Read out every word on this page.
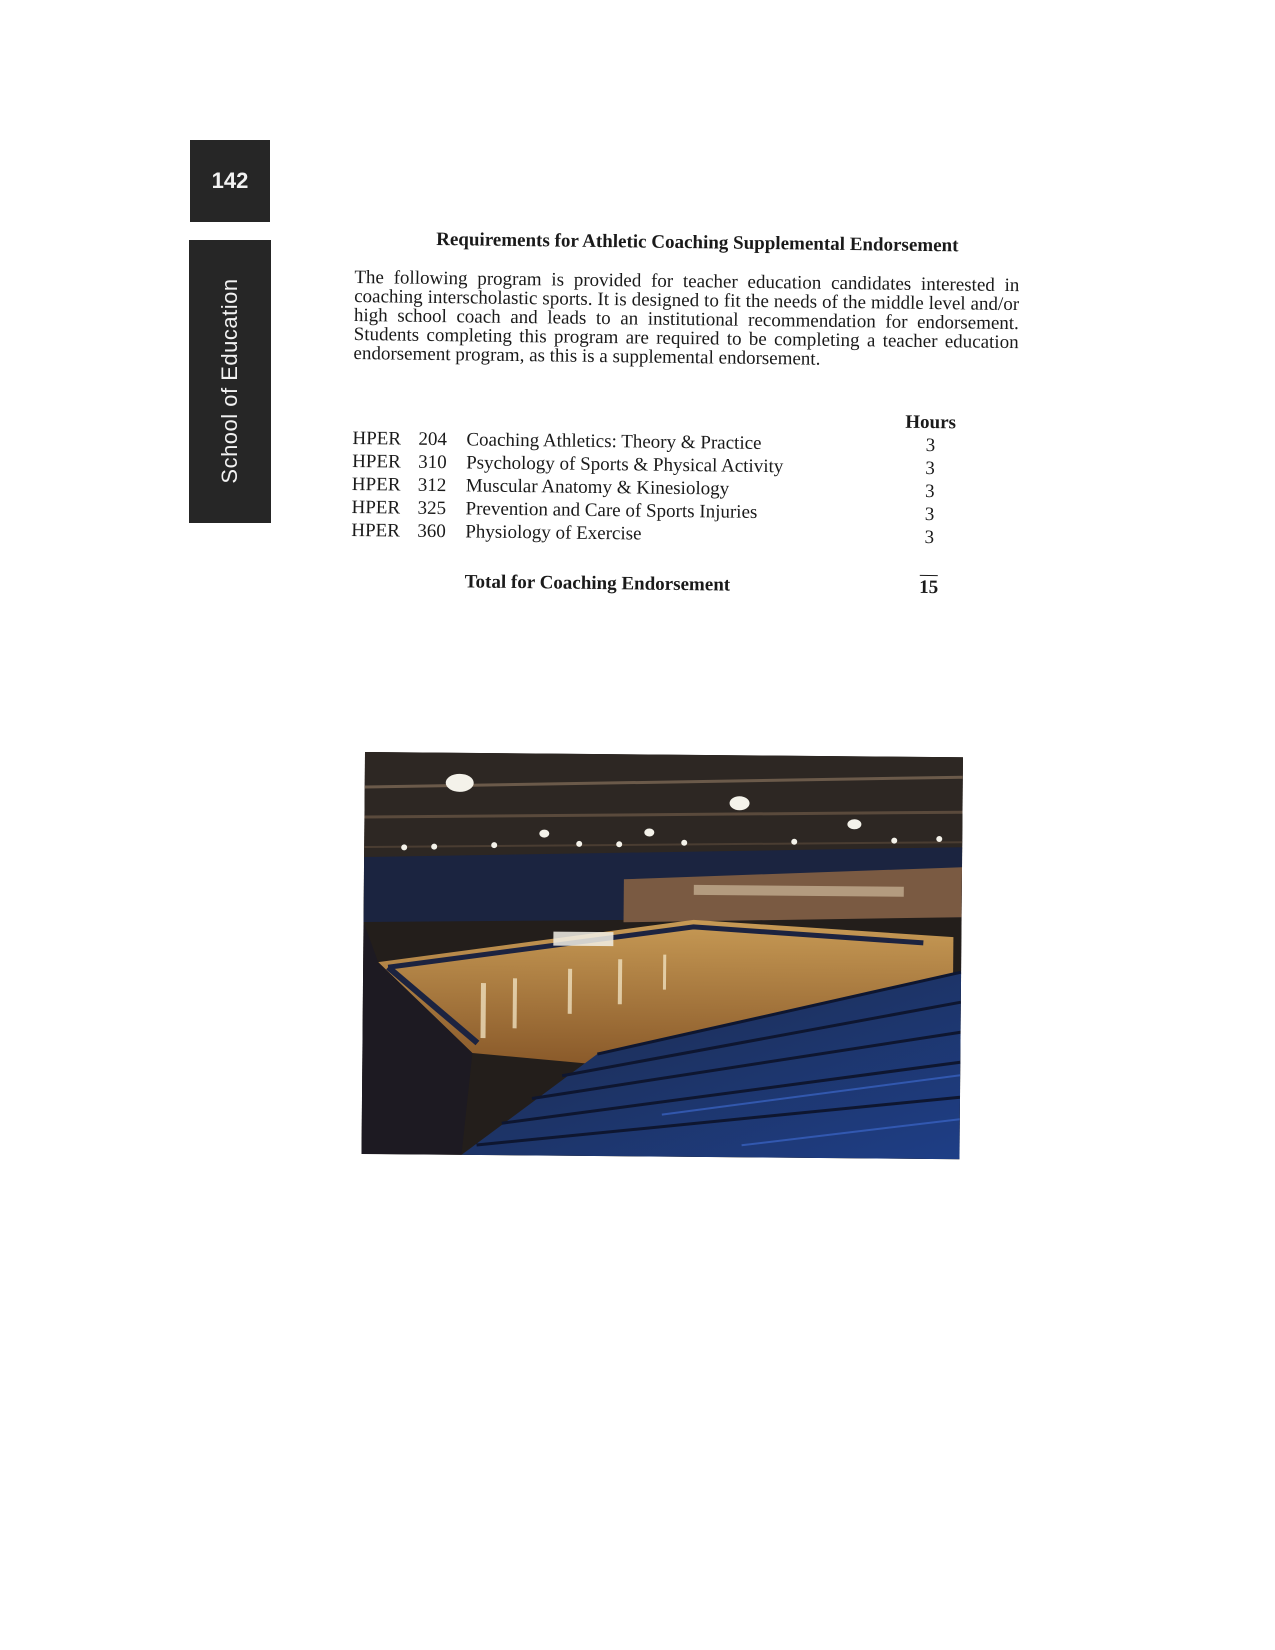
142
School of Education
Requirements for Athletic Coaching Supplemental Endorsement

The following program is provided for teacher education candidates interested in coaching interscholastic sports. It is designed to fit the needs of the middle level and/or high school coach and leads to an institutional recommendation for endorsement. Students completing this program are required to be completing a teacher education endorsement program, as this is a supplemental endorsement.

Hours
HPER 204	Coaching Athletics: Theory & Practice	3
HPER 310	Psychology of Sports & Physical Activity	3
HPER 312	Muscular Anatomy & Kinesiology	3
HPER 325	Prevention and Care of Sports Injuries	3
HPER 360	Physiology of Exercise	3
Total for Coaching Endorsement	15
